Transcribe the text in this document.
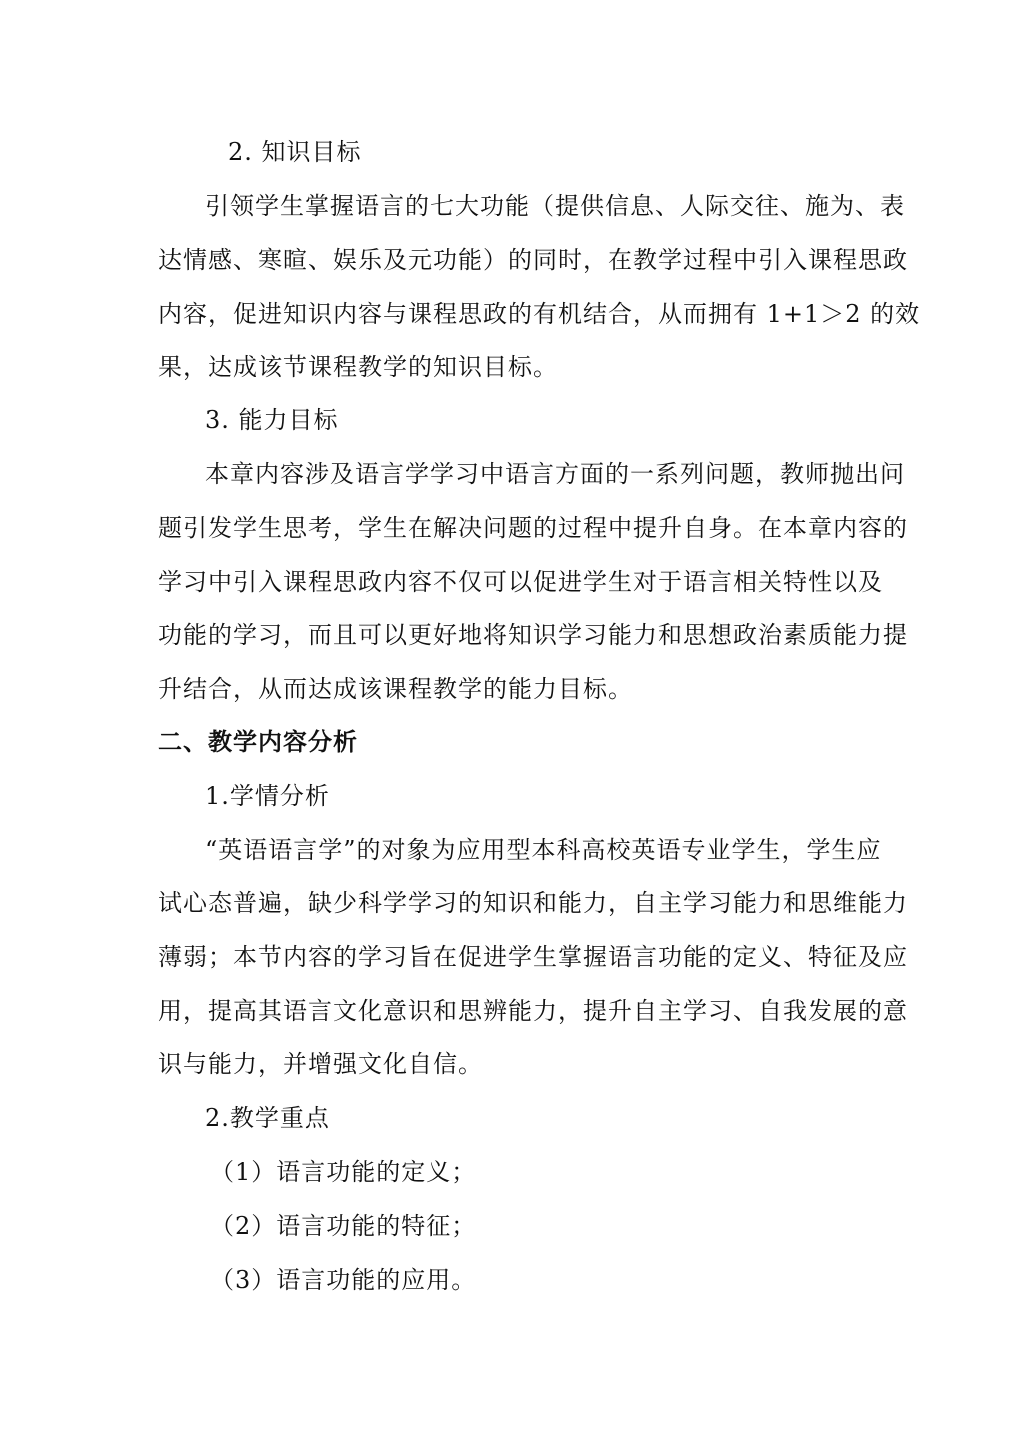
2. 知识目标
引领学生掌握语言的七大功能（提供信息、人际交往、施为、表
达情感、寒暄、娱乐及元功能）的同时，在教学过程中引入课程思政
内容，促进知识内容与课程思政的有机结合，从而拥有 1+1＞2 的效
果，达成该节课程教学的知识目标。
3. 能力目标
本章内容涉及语言学学习中语言方面的一系列问题，教师抛出问
题引发学生思考，学生在解决问题的过程中提升自身。在本章内容的
学习中引入课程思政内容不仅可以促进学生对于语言相关特性以及
功能的学习，而且可以更好地将知识学习能力和思想政治素质能力提
升结合，从而达成该课程教学的能力目标。
二、教学内容分析
1.学情分析
“英语语言学”的对象为应用型本科高校英语专业学生，学生应
试心态普遍，缺少科学学习的知识和能力，自主学习能力和思维能力
薄弱；本节内容的学习旨在促进学生掌握语言功能的定义、特征及应
用，提高其语言文化意识和思辨能力，提升自主学习、自我发展的意
识与能力，并增强文化自信。
2.教学重点
（1）语言功能的定义；
（2）语言功能的特征；
（3）语言功能的应用。
